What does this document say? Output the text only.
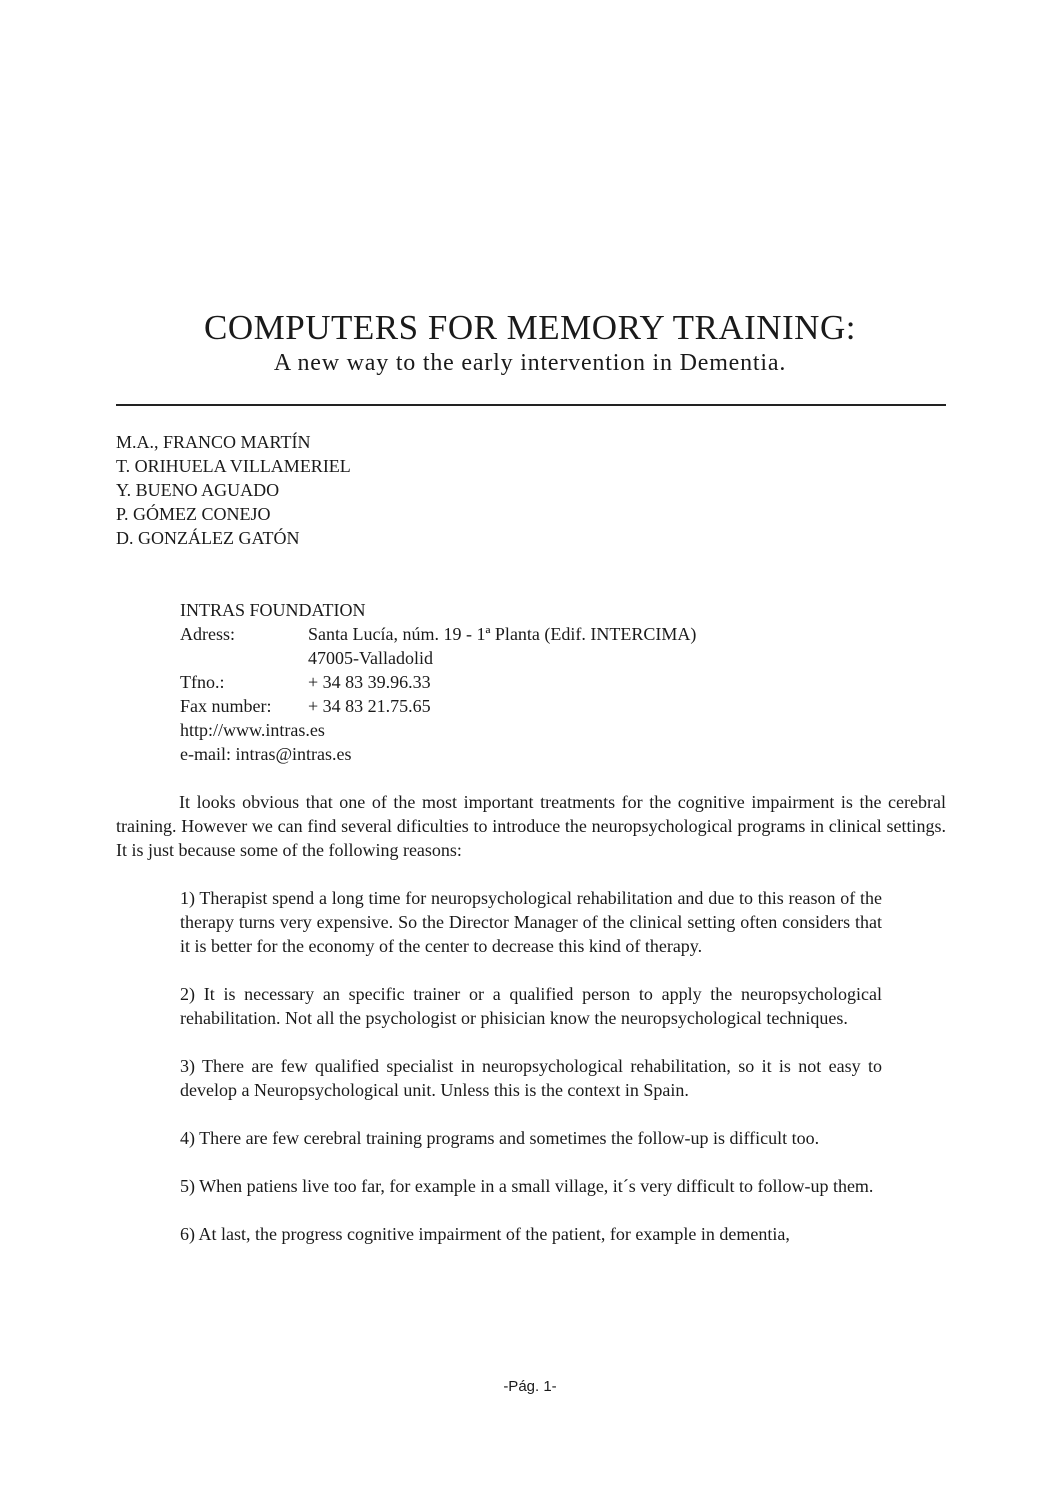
COMPUTERS FOR MEMORY TRAINING:
A new way to the early intervention in Dementia.
M.A., FRANCO MARTÍN
T. ORIHUELA VILLAMERIEL
Y. BUENO AGUADO
P. GÓMEZ CONEJO
D. GONZÁLEZ GATÓN
INTRAS FOUNDATION
Adress:	Santa Lucía, núm. 19 - 1ª Planta (Edif. INTERCIMA)
47005-Valladolid
Tfno.:	+ 34 83 39.96.33
Fax number:	+ 34 83 21.75.65
http://www.intras.es
e-mail: intras@intras.es

It looks obvious that one of the most important treatments for the cognitive impairment is the cerebral training. However we can find several dificulties to introduce the neuropsychological programs in clinical settings. It is just because some of the following reasons:

1) Therapist spend a long time for neuropsychological rehabilitation and due to this reason of the therapy turns very expensive. So the Director Manager of the clinical setting often considers that it is better for the economy of the center to decrease this kind of therapy.

2) It is necessary an specific trainer or a qualified person to apply the neuropsychological rehabilitation. Not all the psychologist or phisician know the neuropsychological techniques.

3) There are few qualified specialist in neuropsychological rehabilitation, so it is not easy to develop a Neuropsychological unit. Unless this is the context in Spain.

4) There are few cerebral training programs and sometimes the follow-up is difficult too.

5) When patiens live too far, for example in a small village, it´s very difficult to follow-up them.

6) At last, the progress cognitive impairment of the patient, for example in dementia,

-Pág. 1-
